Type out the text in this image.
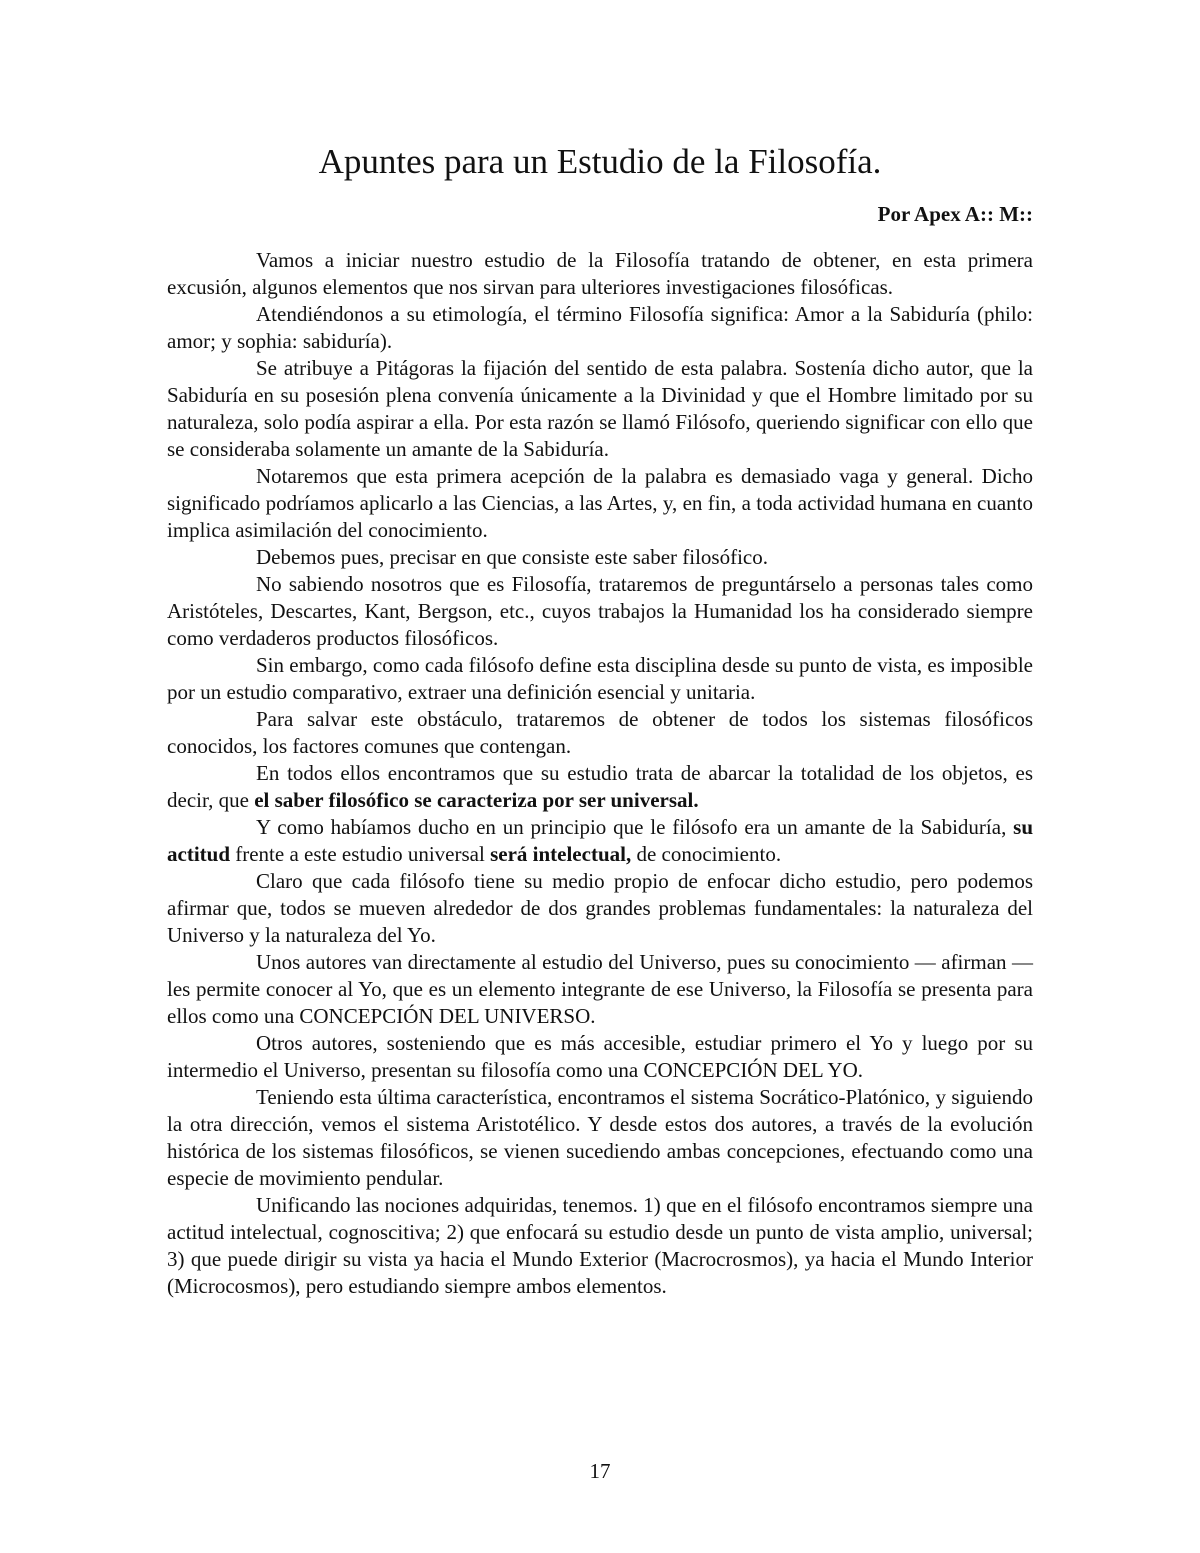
Apuntes para un Estudio de la Filosofía.
Por Apex A:: M::

Vamos a iniciar nuestro estudio de la Filosofía tratando de obtener, en esta primera excusión, algunos elementos que nos sirvan para ulteriores investigaciones filosóficas.

Atendiéndonos a su etimología, el término Filosofía significa: Amor a la Sabiduría (philo: amor; y sophia: sabiduría).

Se atribuye a Pitágoras la fijación del sentido de esta palabra. Sostenía dicho autor, que la Sabiduría en su posesión plena convenía únicamente a la Divinidad y que el Hombre limitado por su naturaleza, solo podía aspirar a ella. Por esta razón se llamó Filósofo, queriendo significar con ello que se consideraba solamente un amante de la Sabiduría.

Notaremos que esta primera acepción de la palabra es demasiado vaga y general. Dicho significado podríamos aplicarlo a las Ciencias, a las Artes, y, en fin, a toda actividad humana en cuanto implica asimilación del conocimiento.

Debemos pues, precisar en que consiste este saber filosófico.

No sabiendo nosotros que es Filosofía, trataremos de preguntárselo a personas tales como Aristóteles, Descartes, Kant, Bergson, etc., cuyos trabajos la Humanidad los ha considerado siempre como verdaderos productos filosóficos.

Sin embargo, como cada filósofo define esta disciplina desde su punto de vista, es imposible por un estudio comparativo, extraer una definición esencial y unitaria.

Para salvar este obstáculo, trataremos de obtener de todos los sistemas filosóficos conocidos, los factores comunes que contengan.

En todos ellos encontramos que su estudio trata de abarcar la totalidad de los objetos, es decir, que el saber filosófico se caracteriza por ser universal.

Y como habíamos ducho en un principio que le filósofo era un amante de la Sabiduría, su actitud frente a este estudio universal será intelectual, de conocimiento.

Claro que cada filósofo tiene su medio propio de enfocar dicho estudio, pero podemos afirmar que, todos se mueven alrededor de dos grandes problemas fundamentales: la naturaleza del Universo y la naturaleza del Yo.

Unos autores van directamente al estudio del Universo, pues su conocimiento — afirman — les permite conocer al Yo, que es un elemento integrante de ese Universo, la Filosofía se presenta para ellos como una CONCEPCIÓN DEL UNIVERSO.

Otros autores, sosteniendo que es más accesible, estudiar primero el Yo y luego por su intermedio el Universo, presentan su filosofía como una CONCEPCIÓN DEL YO.

Teniendo esta última característica, encontramos el sistema Socrático-Platónico, y siguiendo la otra dirección, vemos el sistema Aristotélico. Y desde estos dos autores, a través de la evolución histórica de los sistemas filosóficos, se vienen sucediendo ambas concepciones, efectuando como una especie de movimiento pendular.

Unificando las nociones adquiridas, tenemos. 1) que en el filósofo encontramos siempre una actitud intelectual, cognoscitiva; 2) que enfocará su estudio desde un punto de vista amplio, universal; 3) que puede dirigir su vista ya hacia el Mundo Exterior (Macrocrosmos), ya hacia el Mundo Interior (Microcosmos), pero estudiando siempre ambos elementos.

17
